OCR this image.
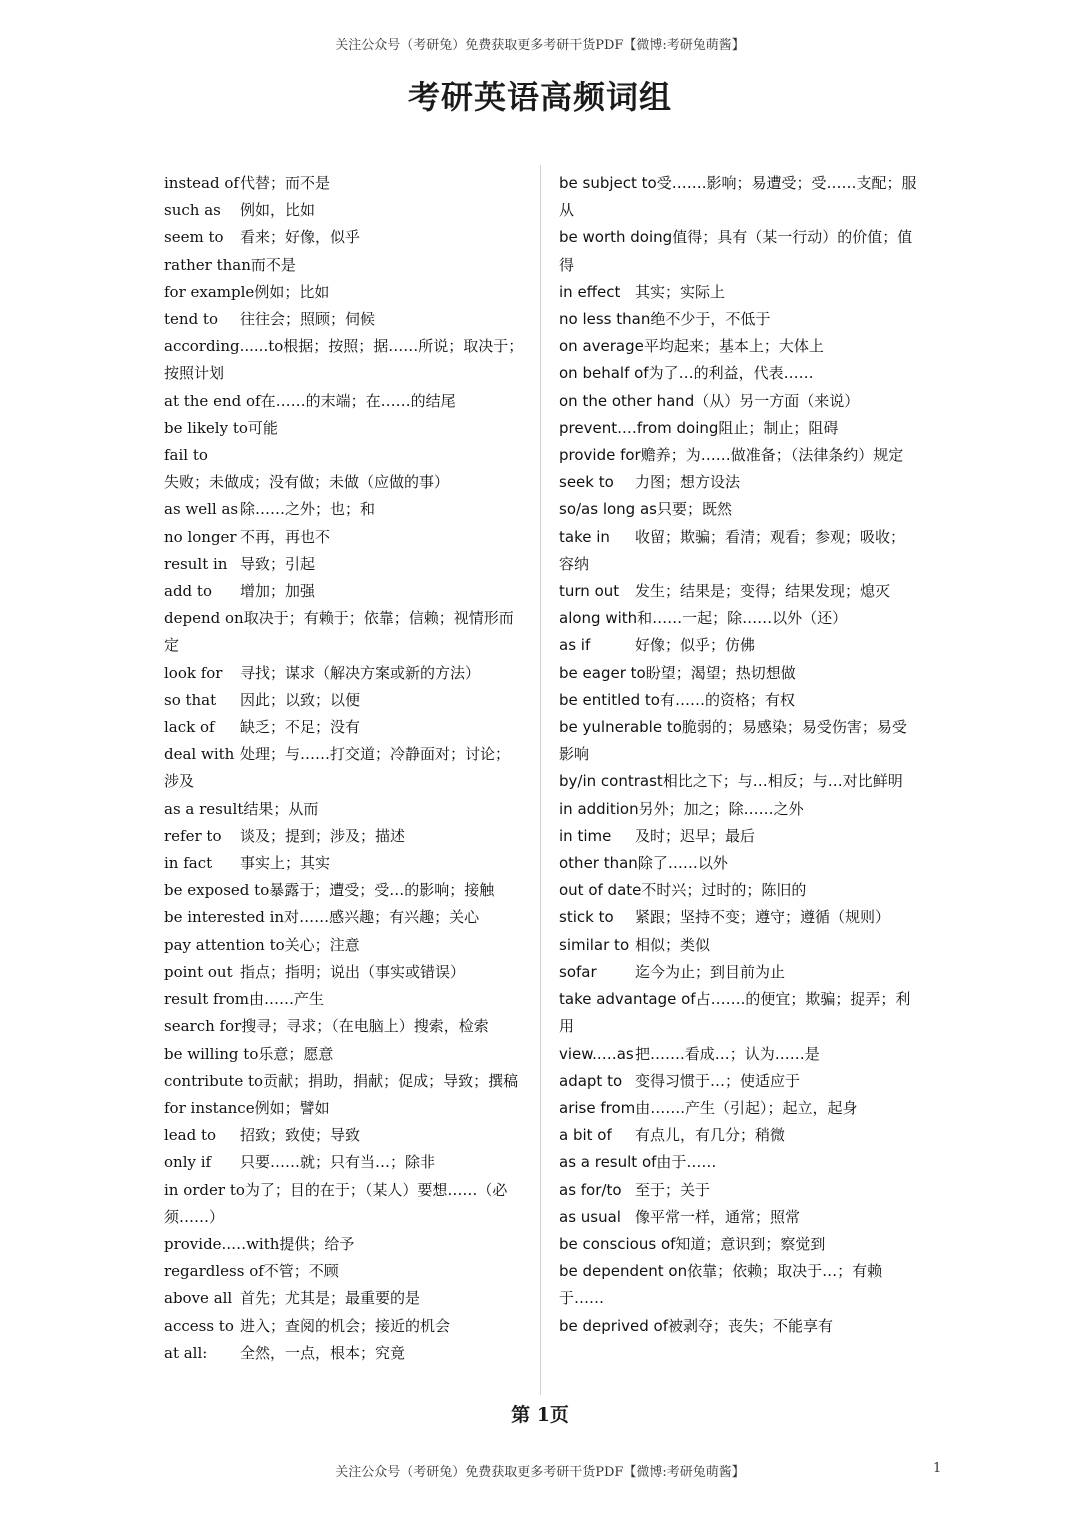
关注公众号（考研兔）免费获取更多考研干货PDF【微博:考研兔萌酱】
考研英语高频词组
instead of代替；而不是
such as 例如，比如
seem to 看来；好像，似乎
rather than而不是
for example例如；比如
tend to 往往会；照顾；伺候
according......to根据；按照；据……所说；取决于；按照计划
at the end of在……的末端；在……的结尾
be likely to可能
fail to失败；未做成；没有做；未做（应做的事）
as well as 除……之外；也；和
no longer 不再，再也不
result in 导致；引起
add to 增加；加强
depend on取决于；有赖于；依靠；信赖；视情形而定
look for 寻找；谋求（解决方案或新的方法）
so that 因此；以致；以便
lack of 缺乏；不足；没有
deal with 处理；与……打交道；冷静面对；讨论；涉及
as a result结果；从而
refer to 谈及；提到；涉及；描述
in fact 事实上；其实
be exposed to暴露于；遭受；受…的影响；接触
be interested in对……感兴趣；有兴趣；关心
pay attention to关心；注意
point out 指点；指明；说出（事实或错误）
result from由……产生
search for搜寻；寻求；（在电脑上）搜索，检索
be willing to乐意；愿意
contribute to贡献；捐助，捐献；促成；导致；撰稿
for instance例如；譬如
lead to 招致；致使；导致
only if 只要……就；只有当…；除非
in order to为了；目的在于；（某人）要想……（必须……）
provide..…with提供；给予
regardless of不管；不顾
above all 首先；尤其是；最重要的是
access to 进入；查阅的机会；接近的机会
at all: 全然，一点，根本；究竟
be subject to受…….影响；易遭受；受……支配；服从
be worth doing值得；具有（某一行动）的价值；值得
in effect 其实；实际上
no less than绝不少于，不低于
on average平均起来；基本上；大体上
on behalf of为了…的利益，代表……
on the other hand（从）另一方面（来说）
prevent.…from doing阻止；制止；阻碍
provide for赡养；为……做准备；（法律条约）规定
seek to 力图；想方设法
so/as long as只要；既然
take in 收留；欺骗；看清；观看；参观；吸收；容纳
turn out 发生；结果是；变得；结果发现；熄灭
along with和……一起；除……以外（还）
as if	好像；似乎；仿佛
be eager to盼望；渴望；热切想做
be entitled to有……的资格；有权
be yulnerable to脆弱的；易感染；易受伤害；易受影响
by/in contrast相比之下；与…相反；与…对比鲜明
in addition另外；加之；除……之外
in time 及时；迟早；最后
other than除了……以外
out of date不时兴；过时的；陈旧的
stick to 紧跟；坚持不变；遵守；遵循（规则）
similar to 相似；类似
sofar	迄今为止；到目前为止
take advantage of占…….的便宜；欺骗；捉弄；利用
view..…as把…….看成…；认为……是
adapt to 变得习惯于…；使适应于
arise from由…….产生（引起）；起立，起身
a bit of 有点儿，有几分；稍微
as a result of由于……
as for/to 至于；关于
as usual 像平常一样，通常；照常
be conscious of知道；意识到；察觉到
be dependent on依靠；依赖；取决于…；有赖于……
be deprived of被剥夺；丧失；不能享有
第 1页
关注公众号（考研兔）免费获取更多考研干货PDF【微博:考研兔萌酱】	1
